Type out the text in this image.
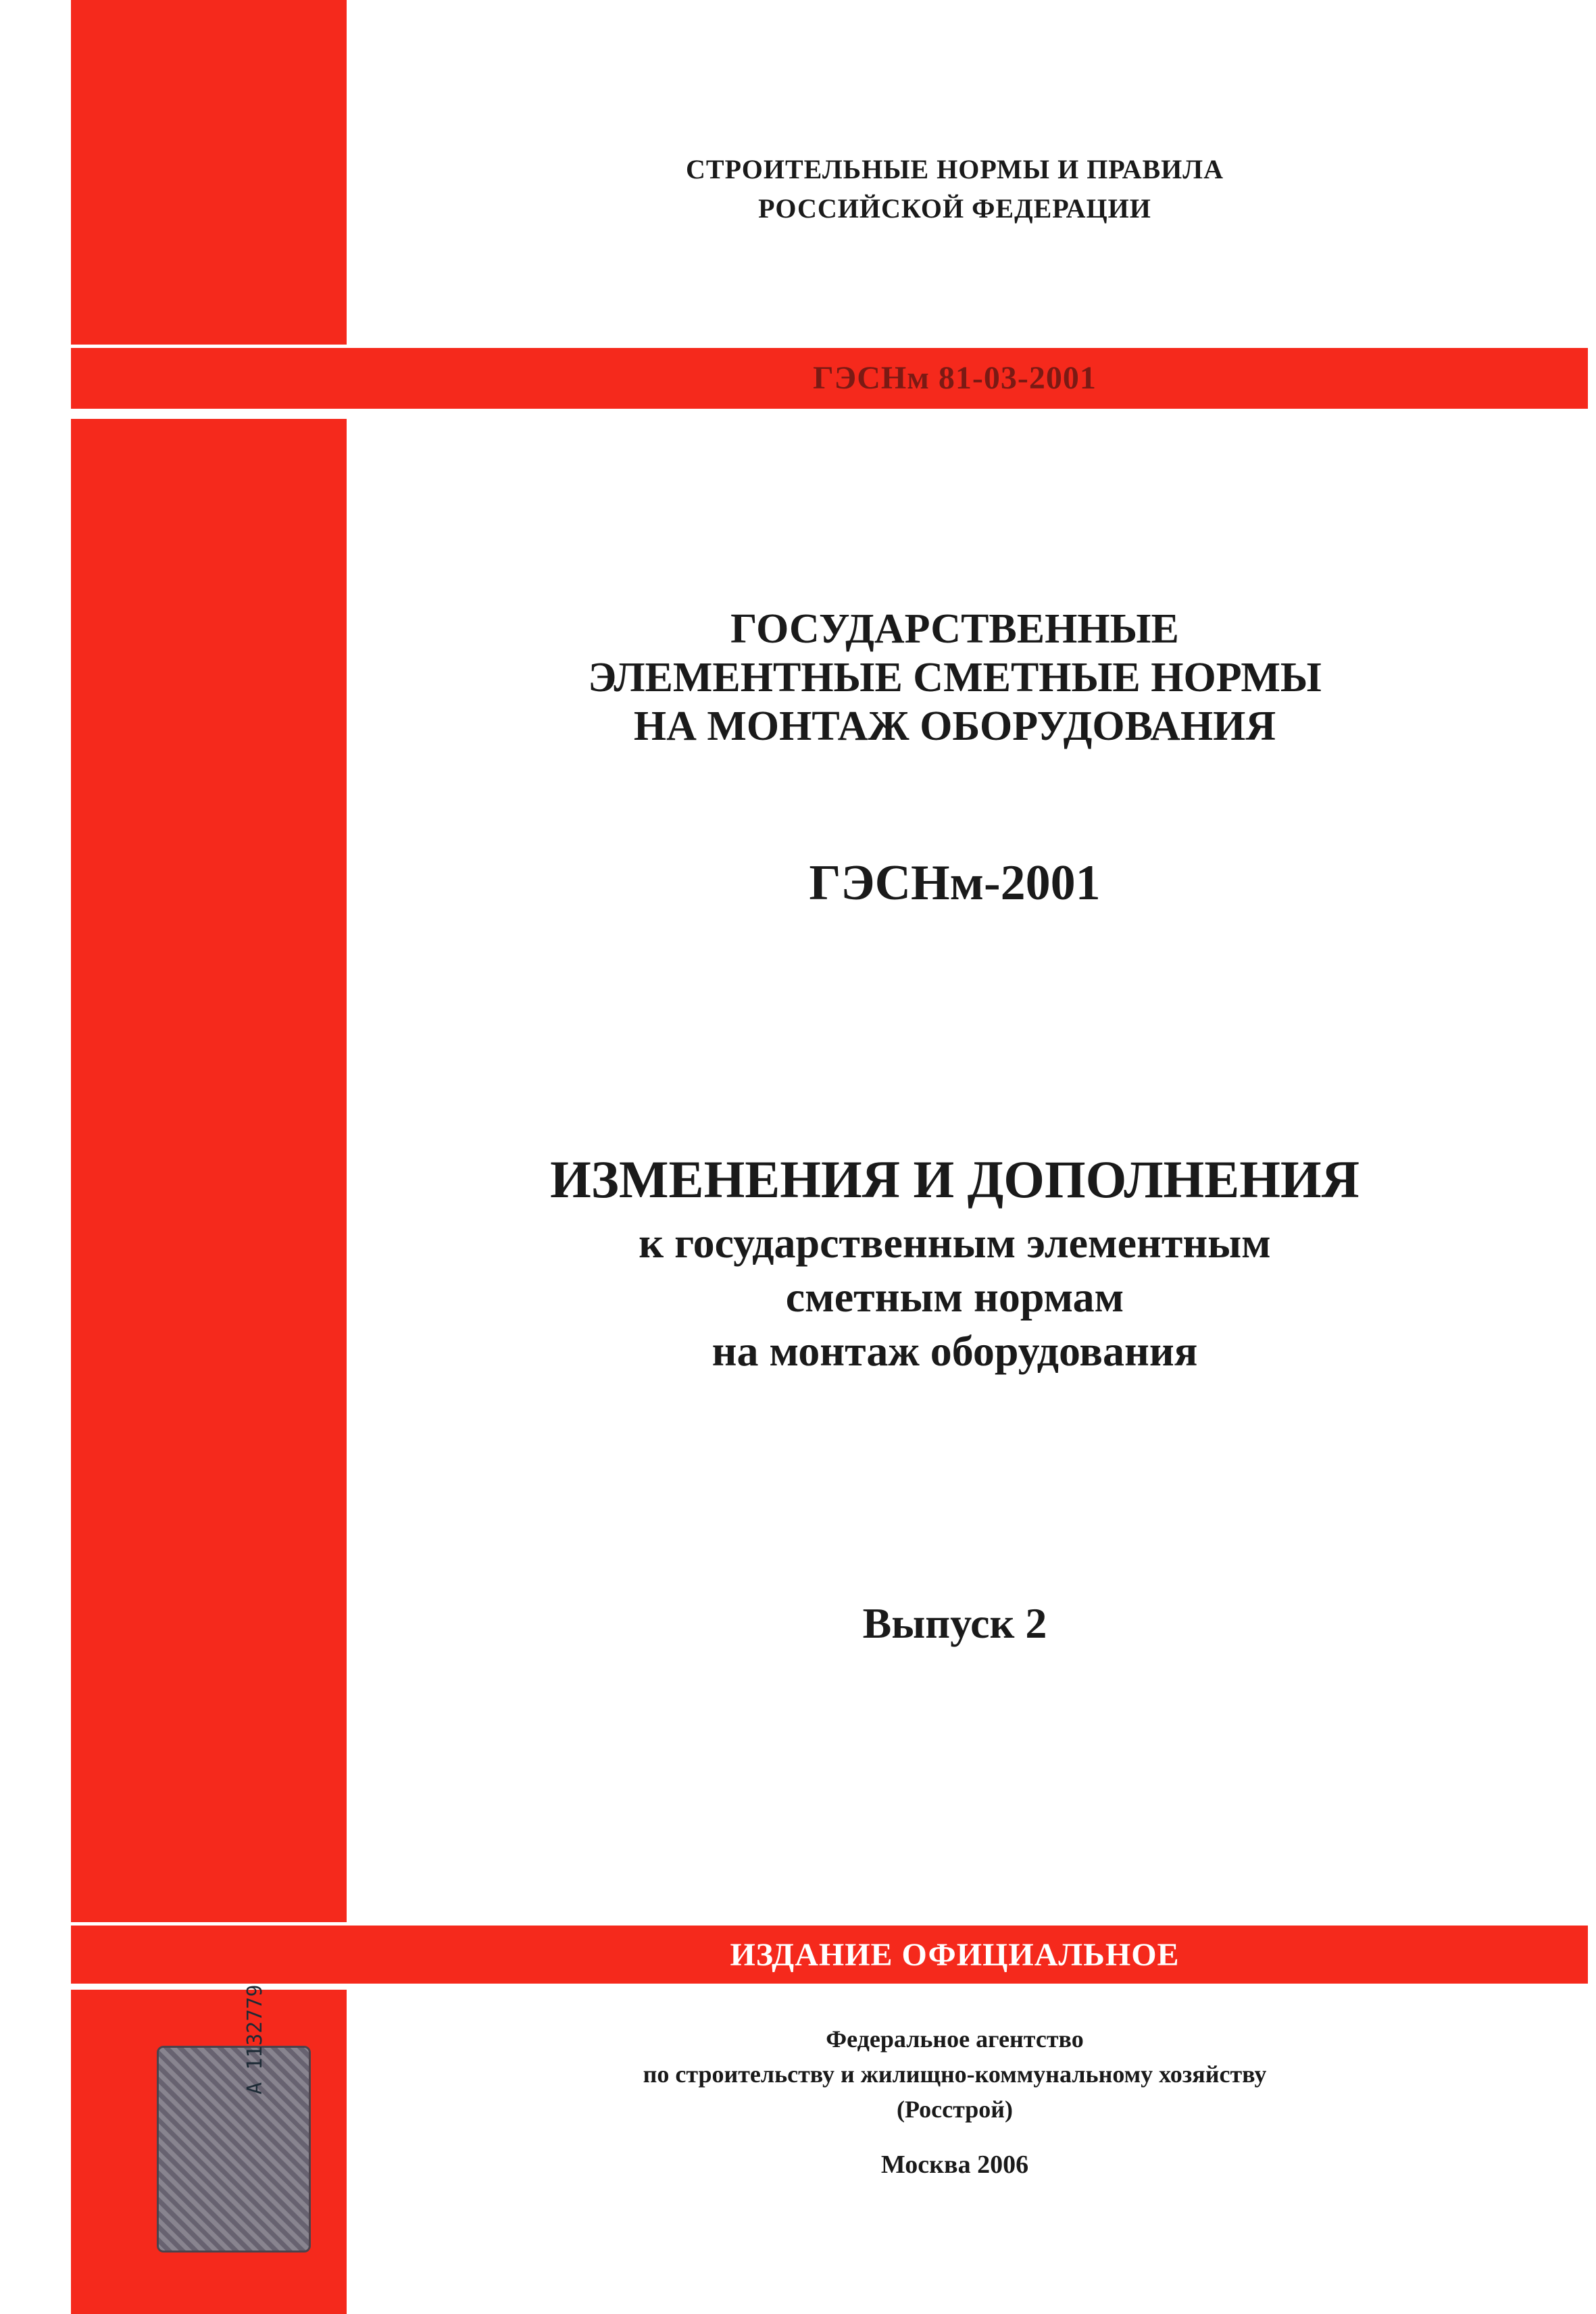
СТРОИТЕЛЬНЫЕ НОРМЫ И ПРАВИЛА
РОССИЙСКОЙ ФЕДЕРАЦИИ
ГЭСНм 81-03-2001
ГОСУДАРСТВЕННЫЕ
ЭЛЕМЕНТНЫЕ СМЕТНЫЕ НОРМЫ
НА МОНТАЖ ОБОРУДОВАНИЯ
ГЭСНм-2001
ИЗМЕНЕНИЯ И ДОПОЛНЕНИЯ
к государственным элементным
сметным нормам
на монтаж оборудования
Выпуск 2
ИЗДАНИЕ ОФИЦИАЛЬНОЕ
Федеральное агентство
по строительству и жилищно-коммунальному хозяйству
(Росстрой)
Москва 2006
А 1132779
